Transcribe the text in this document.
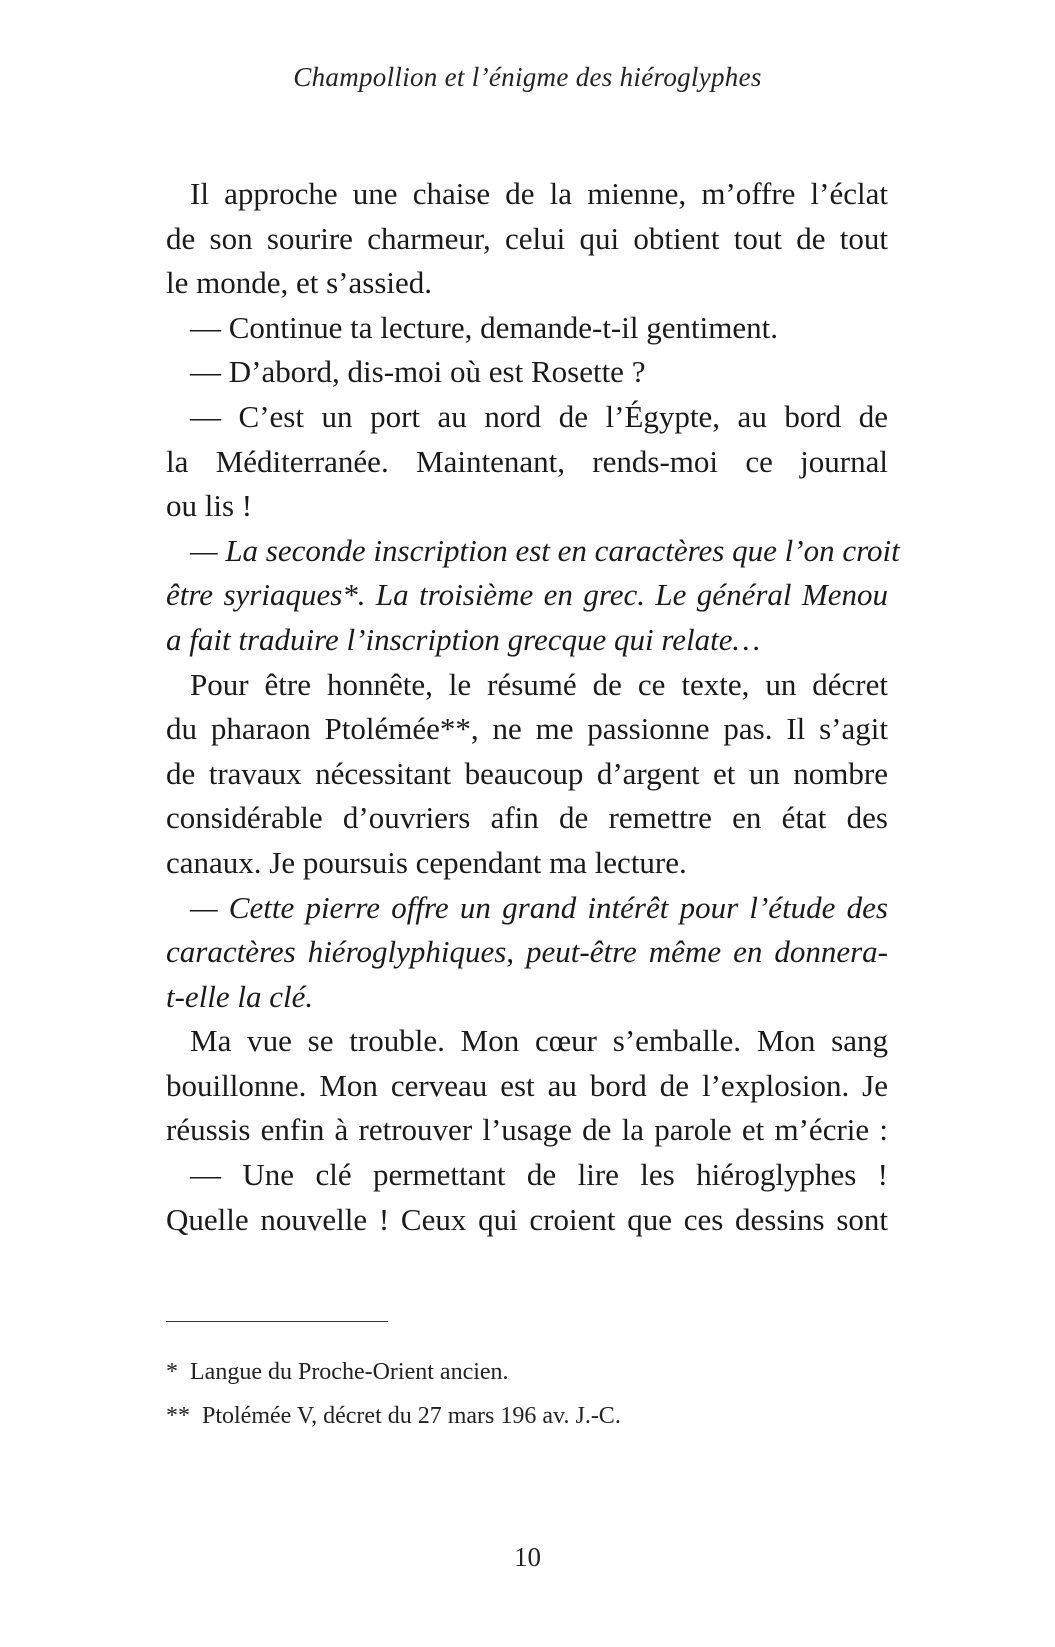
Champollion et l’énigme des hiéroglyphes
Il approche une chaise de la mienne, m’offre l’éclat
de son sourire charmeur, celui qui obtient tout de tout
le monde, et s’assied.
— Continue ta lecture, demande-t-il gentiment.
— D’abord, dis-moi où est Rosette ?
— C’est un port au nord de l’Égypte, au bord de
la Méditerranée. Maintenant, rends-moi ce journal
ou lis !
— La seconde inscription est en caractères que l’on croit
être syriaques*. La troisième en grec. Le général Menou
a fait traduire l’inscription grecque qui relate…
Pour être honnête, le résumé de ce texte, un décret
du pharaon Ptolémée**, ne me passionne pas. Il s’agit
de travaux nécessitant beaucoup d’argent et un nombre
considérable d’ouvriers afin de remettre en état des
canaux. Je poursuis cependant ma lecture.
— Cette pierre offre un grand intérêt pour l’étude des
caractères hiéroglyphiques, peut-être même en donnera-
t-elle la clé.
Ma vue se trouble. Mon cœur s’emballe. Mon sang
bouillonne. Mon cerveau est au bord de l’explosion. Je
réussis enfin à retrouver l’usage de la parole et m’écrie :
— Une clé permettant de lire les hiéroglyphes !
Quelle nouvelle ! Ceux qui croient que ces dessins sont
* Langue du Proche-Orient ancien.
** Ptolémée V, décret du 27 mars 196 av. J.-C.
10
